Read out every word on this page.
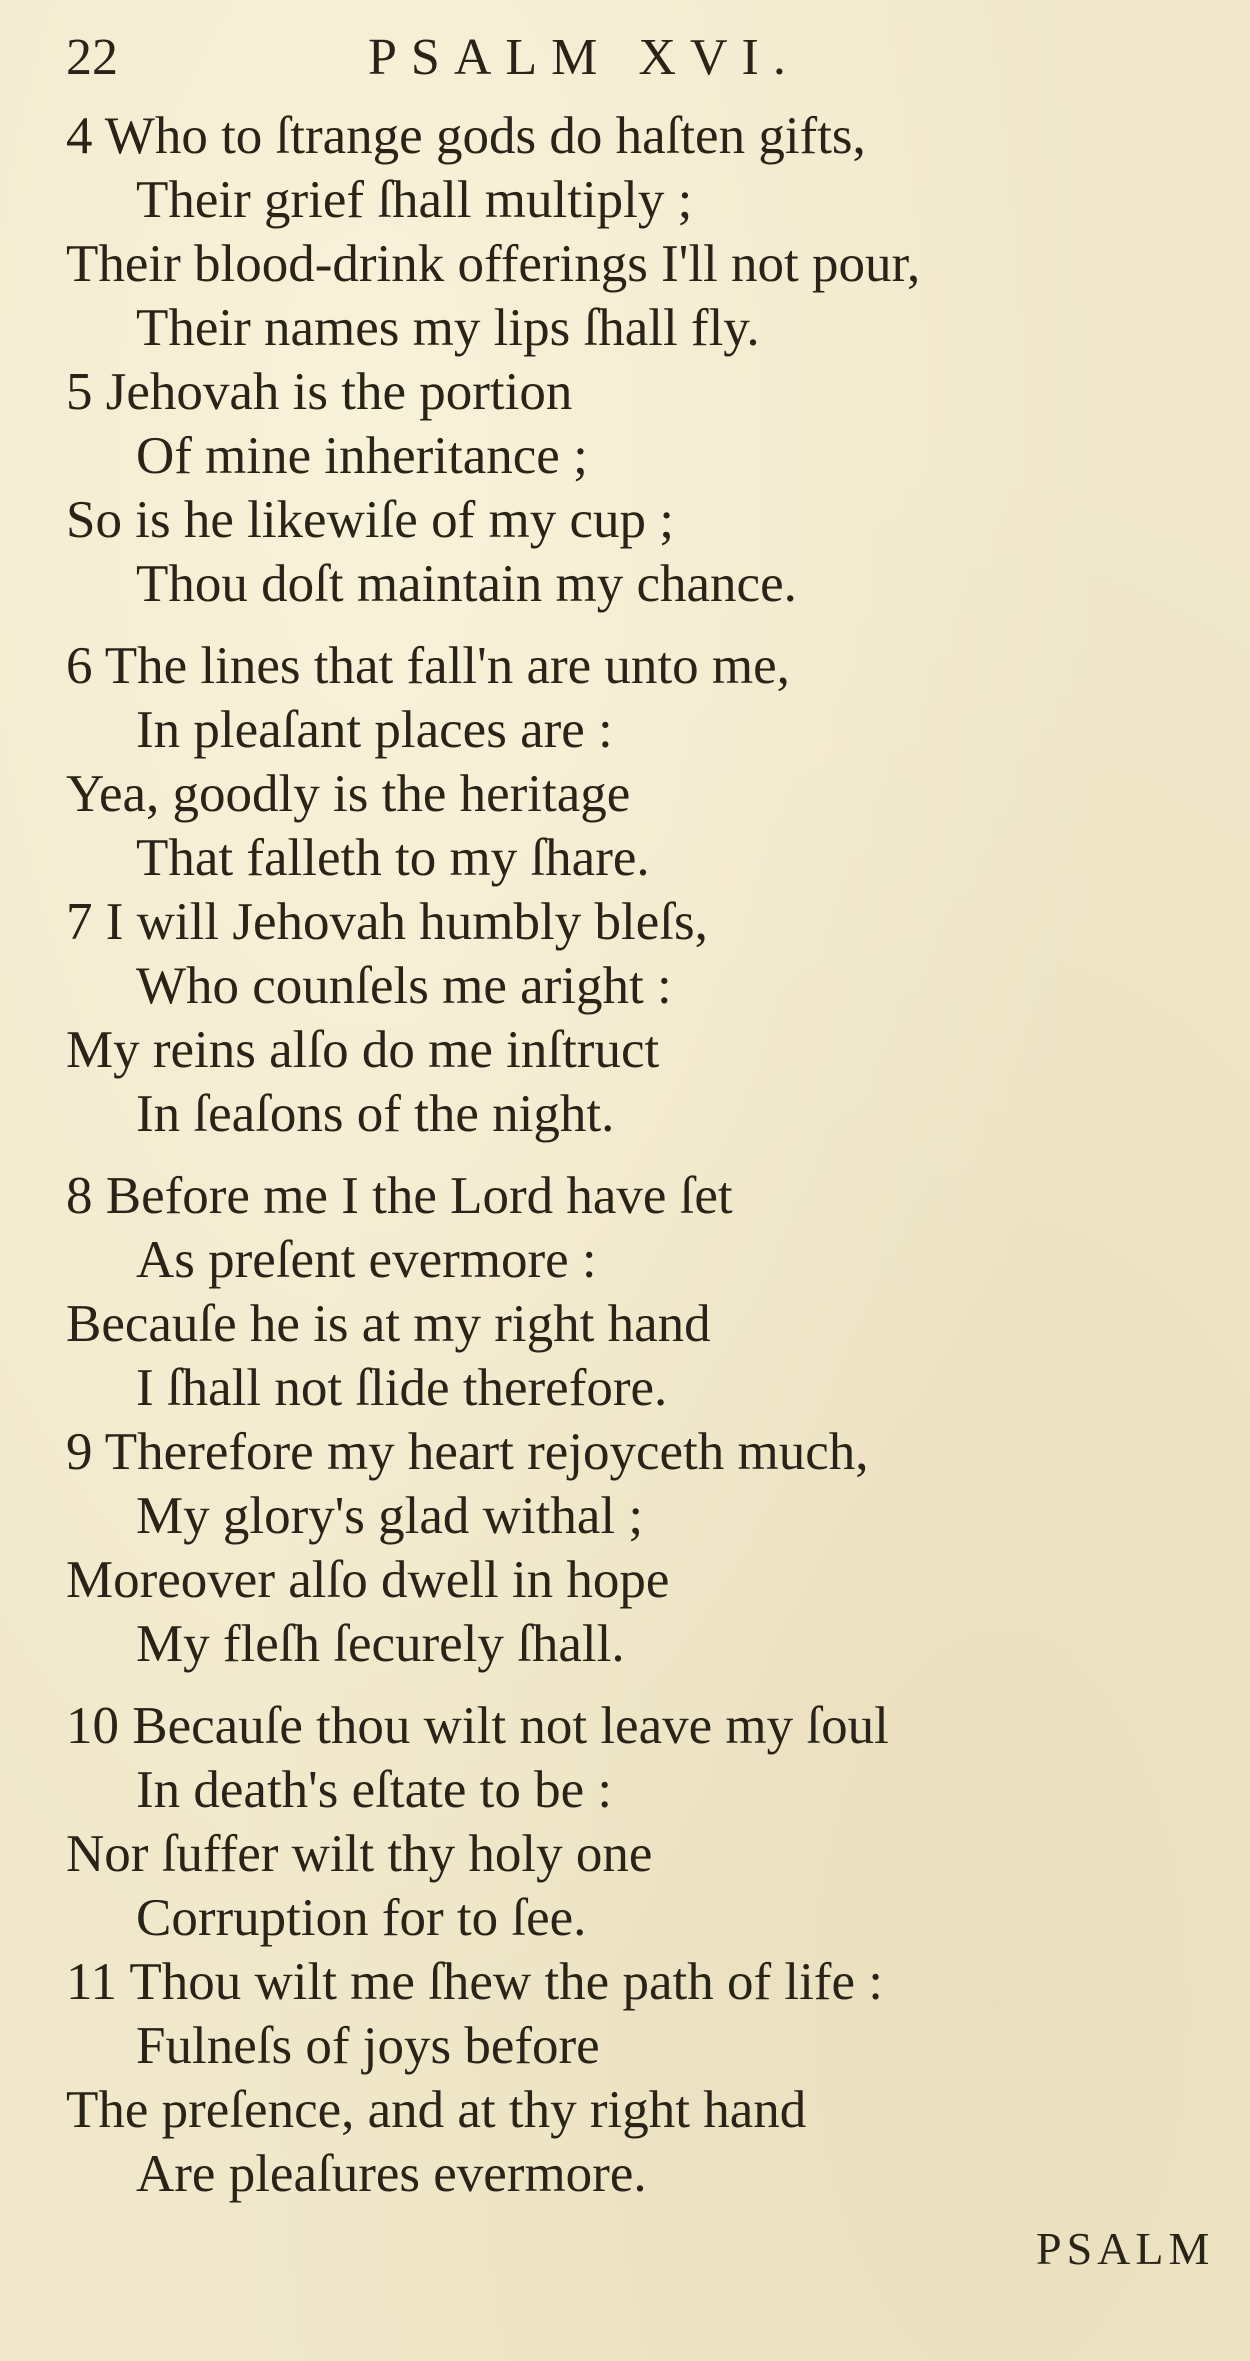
22	PSALM XVI.
4 Who to ſtrange gods do haſten gifts,
Their grief ſhall multiply ;
Their blood-drink offerings I'll not pour,
Their names my lips ſhall fly.
5 Jehovah is the portion
Of mine inheritance ;
So is he likewiſe of my cup ;
Thou doſt maintain my chance.
6 The lines that fall'n are unto me,
In pleaſant places are :
Yea, goodly is the heritage
That falleth to my ſhare.
7 I will Jehovah humbly bleſs,
Who counſels me aright :
My reins alſo do me inſtruct
In ſeaſons of the night.
8 Before me I the Lord have ſet
As preſent evermore :
Becauſe he is at my right hand
I ſhall not ſlide therefore.
9 Therefore my heart rejoyceth much,
My glory's glad withal ;
Moreover alſo dwell in hope
My fleſh ſecurely ſhall.
10 Becauſe thou wilt not leave my ſoul
In death's eſtate to be :
Nor ſuffer wilt thy holy one
Corruption for to ſee.
11 Thou wilt me ſhew the path of life :
Fulneſs of joys before
The preſence, and at thy right hand
Are pleaſures evermore.
PSALM
